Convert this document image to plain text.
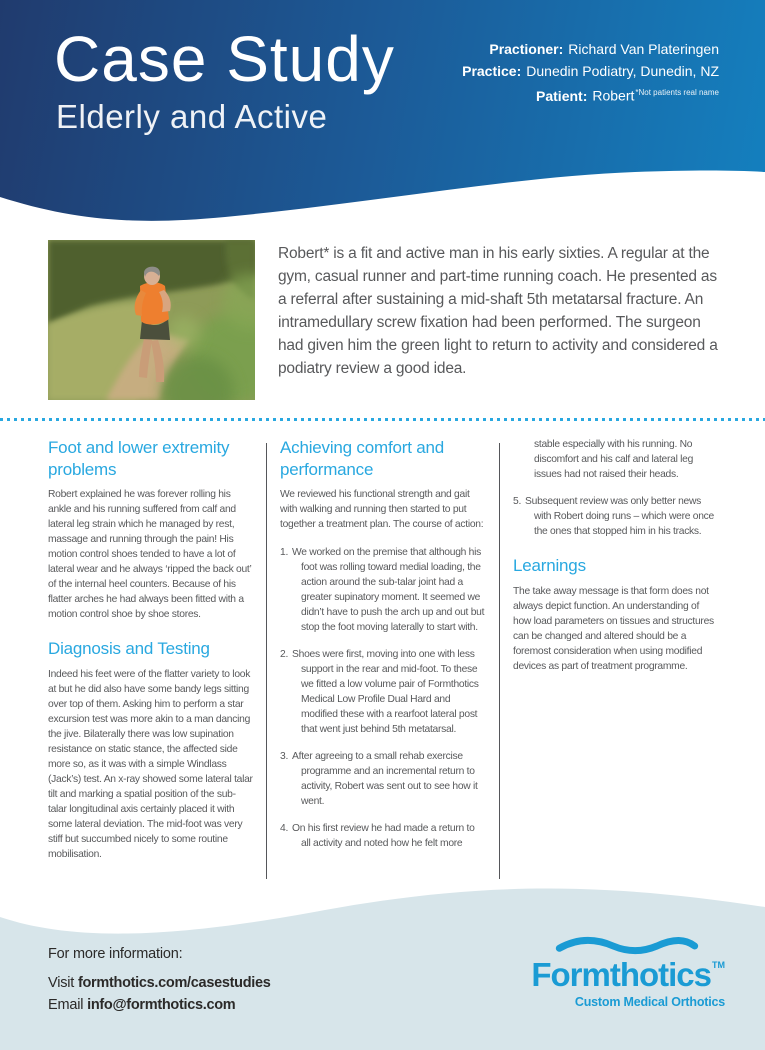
Case Study
Elderly and Active
Practioner: Richard Van Plateringen
Practice: Dunedin Podiatry, Dunedin, NZ
Patient: Robert$^{*Not patients real name}$

Robert* is a fit and active man in his early sixties. A regular at the gym, casual runner and part-time running coach. He presented as a referral after sustaining a mid-shaft 5th metatarsal fracture. An intramedullary screw fixation had been performed. The surgeon had given him the green light to return to activity and considered a podiatry review a good idea.

Foot and lower extremity problems

Robert explained he was forever rolling his ankle and his running suffered from calf and lateral leg strain which he managed by rest, massage and running through the pain! His motion control shoes tended to have a lot of lateral wear and he always ‘ripped the back out’ of the internal heel counters. Because of his flatter arches he had always been fitted with a motion control shoe by shoe stores.

Diagnosis and Testing

Indeed his feet were of the flatter variety to look at but he did also have some bandy legs sitting over top of them. Asking him to perform a star excursion test was more akin to a man dancing the jive. Bilaterally there was low supination resistance on static stance, the affected side more so, as it was with a simple Windlass (Jack’s) test. An x-ray showed some lateral talar tilt and marking a spatial position of the sub-talar longitudinal axis certainly placed it with some lateral deviation. The mid-foot was very stiff but succumbed nicely to some routine mobilisation.

Achieving comfort and performance

We reviewed his functional strength and gait with walking and running then started to put together a treatment plan. The course of action:

1. We worked on the premise that although his foot was rolling toward medial loading, the action around the sub-talar joint had a greater supinatory moment. It seemed we didn’t have to push the arch up and out but stop the foot moving laterally to start with.

2. Shoes were first, moving into one with less support in the rear and mid-foot. To these we fitted a low volume pair of Formthotics Medical Low Profile Dual Hard and modified these with a rearfoot lateral post that went just behind 5th metatarsal.

3. After agreeing to a small rehab exercise programme and an incremental return to activity, Robert was sent out to see how it went.

4. On his first review he had made a return to all activity and noted how he felt more

stable especially with his running. No discomfort and his calf and lateral leg issues had not raised their heads.

5. Subsequent review was only better news with Robert doing runs – which were once the ones that stopped him in his tracks.

Learnings

The take away message is that form does not always depict function. An understanding of how load parameters on tissues and structures can be changed and altered should be a foremost consideration when using modified devices as part of treatment programme.

For more information:
Visit formthotics.com/casestudies
Email info@formthotics.com
Formthotics™
Custom Medical Orthotics
